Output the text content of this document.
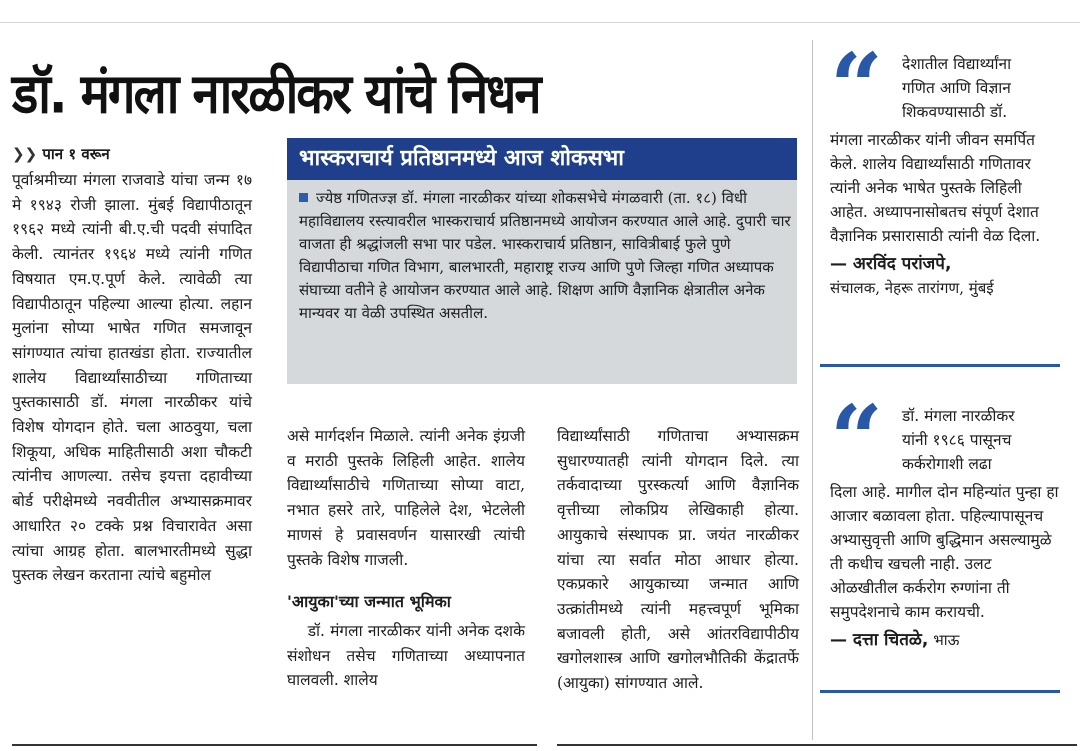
डॉ. मंगला नारळीकर यांचे निधन
❯❯ पान १ वरून

पूर्वाश्रमीच्या मंगला राजवाडे यांचा जन्म १७ मे १९४३ रोजी झाला. मुंबई विद्यापीठातून १९६२ मध्ये त्यांनी बी.ए.ची पदवी संपादित केली. त्यानंतर १९६४ मध्ये त्यांनी गणित विषयात एम.ए.पूर्ण केले. त्यावेळी त्या विद्यापीठातून पहिल्या आल्या होत्या. लहान मुलांना सोप्या भाषेत गणित समजावून सांगण्यात त्यांचा हातखंडा होता. राज्यातील शालेय विद्यार्थ्यांसाठीच्या गणिताच्या पुस्तकासाठी डॉ. मंगला नारळीकर यांचे विशेष योगदान होते. चला आठवुया, चला शिकूया, अधिक माहितीसाठी अशा चौकटी त्यांनीच आणल्या. तसेच इयत्ता दहावीच्या बोर्ड परीक्षेमध्ये नववीतील अभ्यासक्रमावर आधारित २० टक्के प्रश्न विचारावेत असा त्यांचा आग्रह होता. बालभारतीमध्ये सुद्धा पुस्तक लेखन करताना त्यांचे बहुमोल

भास्कराचार्य प्रतिष्ठानमध्ये आज शोकसभा
ज्येष्ठ गणितज्ज्ञ डॉ. मंगला नारळीकर यांच्या शोकसभेचे मंगळवारी (ता. १८) विधी महाविद्यालय रस्त्यावरील भास्कराचार्य प्रतिष्ठानमध्ये आयोजन करण्यात आले आहे. दुपारी चार वाजता ही श्रद्धांजली सभा पार पडेल. भास्कराचार्य प्रतिष्ठान, सावित्रीबाई फुले पुणे विद्यापीठाचा गणित विभाग, बालभारती, महाराष्ट्र राज्य आणि पुणे जिल्हा गणित अध्यापक संघाच्या वतीने हे आयोजन करण्यात आले आहे. शिक्षण आणि वैज्ञानिक क्षेत्रातील अनेक मान्यवर या वेळी उपस्थित असतील.

असे मार्गदर्शन मिळाले. त्यांनी अनेक इंग्रजी व मराठी पुस्तके लिहिली आहेत. शालेय विद्यार्थ्यांसाठीचे गणिताच्या सोप्या वाटा, नभात हसरे तारे, पाहिलेले देश, भेटलेली माणसं हे प्रवासवर्णन यासारखी त्यांची पुस्तके विशेष गाजली.

'आयुका'च्या जन्मात भूमिका

डॉ. मंगला नारळीकर यांनी अनेक दशके संशोधन तसेच गणिताच्या अध्यापनात घालवली. शालेय

विद्यार्थ्यांसाठी गणिताचा अभ्यासक्रम सुधारण्यातही त्यांनी योगदान दिले. त्या तर्कवादाच्या पुरस्कर्त्या आणि वैज्ञानिक वृत्तीच्या लोकप्रिय लेखिकाही होत्या. आयुकाचे संस्थापक प्रा. जयंत नारळीकर यांचा त्या सर्वात मोठा आधार होत्या. एकप्रकारे आयुकाच्या जन्मात आणि उत्क्रांतीमध्ये त्यांनी महत्त्वपूर्ण भूमिका बजावली होती, असे आंतरविद्यापीठीय खगोलशास्त्र आणि खगोलभौतिकी केंद्रातर्फे (आयुका) सांगण्यात आले.

“ देशातील विद्यार्थ्यांना
गणित आणि विज्ञान
शिकवण्यासाठी डॉ.
मंगला नारळीकर यांनी जीवन समर्पित केले. शालेय विद्यार्थ्यांसाठी गणितावर त्यांनी अनेक भाषेत पुस्तके लिहिली आहेत. अध्यापनासोबतच संपूर्ण देशात वैज्ञानिक प्रसारासाठी त्यांनी वेळ दिला.
— अरविंद परांजपे,
संचालक, नेहरू तारांगण, मुंबई
“ डॉ. मंगला नारळीकर
यांनी १९८६ पासूनच
कर्करोगाशी लढा
दिला आहे. मागील दोन महिन्यांत पुन्हा हा आजार बळावला होता. पहिल्यापासूनच अभ्यासुवृत्ती आणि बुद्धिमान असल्यामुळे ती कधीच खचली नाही. उलट ओळखीतील कर्करोग रुग्णांना ती समुपदेशनाचे काम करायची.
— दत्ता चितळे, भाऊ
